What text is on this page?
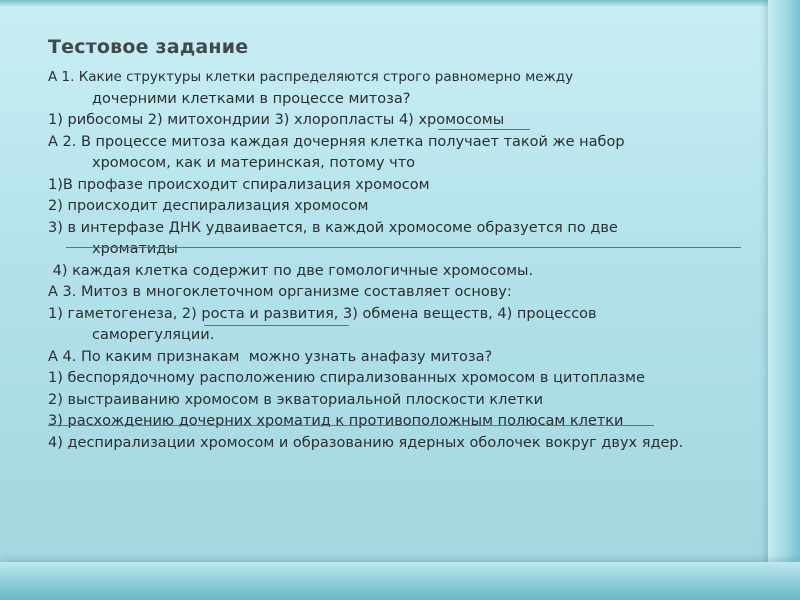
Тестовое задание
А 1. Какие структуры клетки распределяются строго равномерно между
дочерними клетками в процессе митоза?
1) рибосомы 2) митохондрии 3) хлоропласты 4) хромосомы
А 2. В процессе митоза каждая дочерняя клетка получает такой же набор
хромосом, как и материнская, потому что
1)В профазе происходит спирализация хромосом
2) происходит деспирализация хромосом
3) в интерфазе ДНК удваивается, в каждой хромосоме образуется по две
хроматиды
4) каждая клетка содержит по две гомологичные хромосомы.
А 3. Митоз в многоклеточном организме составляет основу:
1) гаметогенеза, 2) роста и развития, 3) обмена веществ, 4) процессов
саморегуляции.
А 4. По каким признакам  можно узнать анафазу митоза?
1) беспорядочному расположению спирализованных хромосом в цитоплазме
2) выстраиванию хромосом в экваториальной плоскости клетки
3) расхождению дочерних хроматид к противоположным полюсам клетки
4) деспирализации хромосом и образованию ядерных оболочек вокруг двух ядер.
